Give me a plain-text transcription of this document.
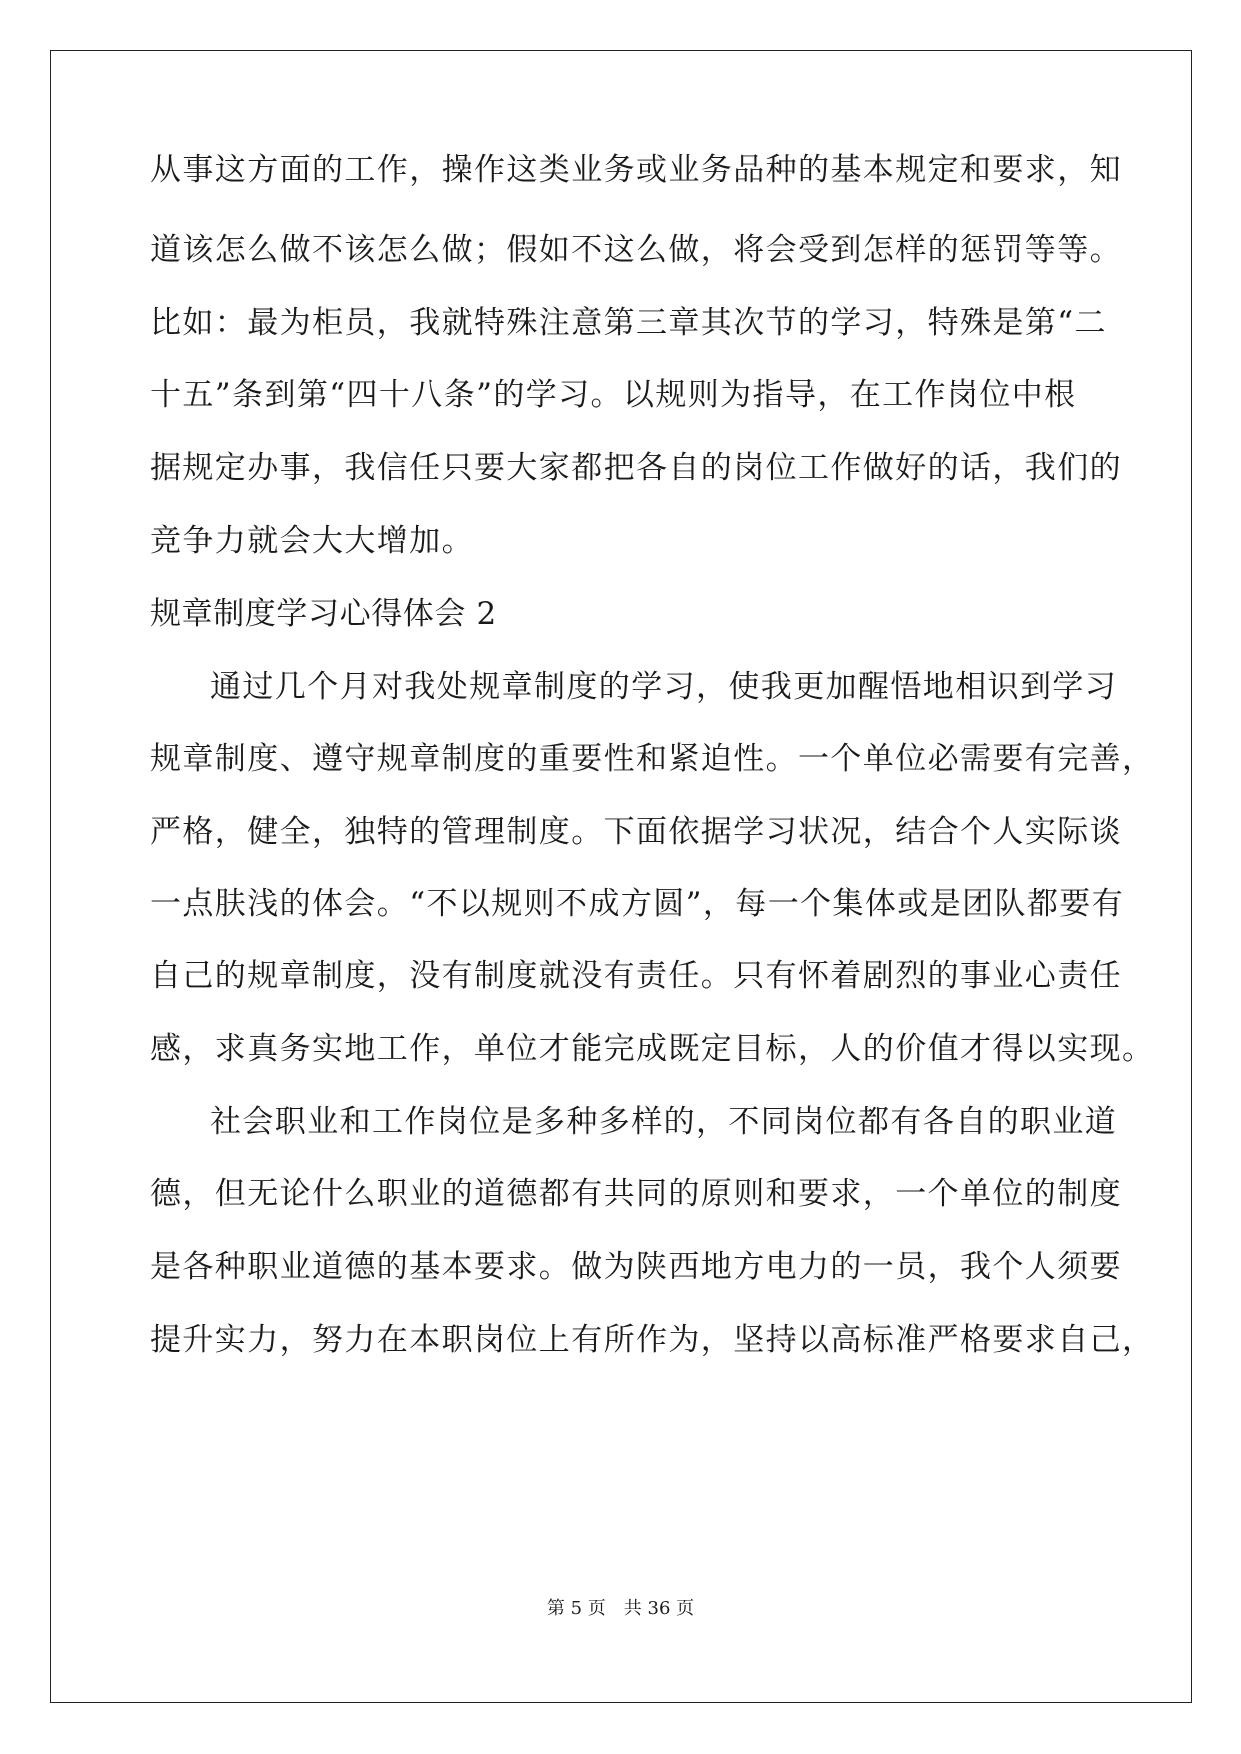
从事这方面的工作，操作这类业务或业务品种的基本规定和要求，知
道该怎么做不该怎么做；假如不这么做，将会受到怎样的惩罚等等。
比如：最为柜员，我就特殊注意第三章其次节的学习，特殊是第“二
十五”条到第“四十八条”的学习。以规则为指导，在工作岗位中根
据规定办事，我信任只要大家都把各自的岗位工作做好的话，我们的
竞争力就会大大增加。
规章制度学习心得体会 2
通过几个月对我处规章制度的学习，使我更加醒悟地相识到学习
规章制度、遵守规章制度的重要性和紧迫性。一个单位必需要有完善，
严格，健全，独特的管理制度。下面依据学习状况，结合个人实际谈
一点肤浅的体会。“不以规则不成方圆”，每一个集体或是团队都要有
自己的规章制度，没有制度就没有责任。只有怀着剧烈的事业心责任
感，求真务实地工作，单位才能完成既定目标，人的价值才得以实现。
社会职业和工作岗位是多种多样的，不同岗位都有各自的职业道
德，但无论什么职业的道德都有共同的原则和要求，一个单位的制度
是各种职业道德的基本要求。做为陕西地方电力的一员，我个人须要
提升实力，努力在本职岗位上有所作为，坚持以高标准严格要求自己，
第 5 页 共 36 页
